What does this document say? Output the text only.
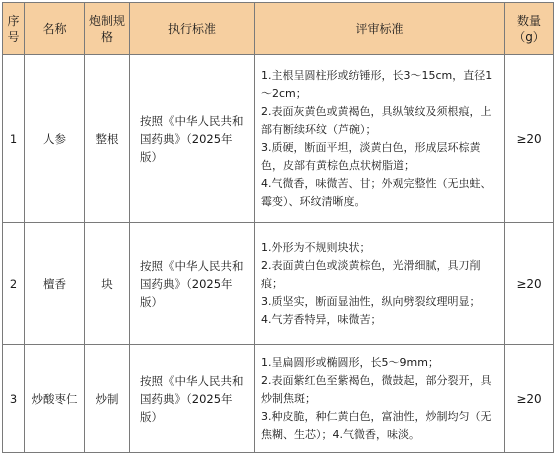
序号	名称	炮制规格	执行标准	评审标准	数量（g）
1	人参	整根	按照《中华人民共和国药典》（2025年版）	1.主根呈圆柱形或纺锤形，长3～15cm，直径1～2cm；
2.表面灰黄色或黄褐色，具纵皱纹及须根痕，上部有断续环纹（芦碗）；
3.质硬，断面平坦，淡黄白色，形成层环棕黄色，皮部有黄棕色点状树脂道；
4.气微香，味微苦、甘；外观完整性（无虫蛀、霉变）、环纹清晰度。	≥20
2	檀香	块	按照《中华人民共和国药典》（2025年版）	1.外形为不规则块状；
2.表面黄白色或淡黄棕色，光滑细腻，具刀削痕；
3.质坚实，断面显油性，纵向劈裂纹理明显；
4.气芳香特异，味微苦；	≥20
3	炒酸枣仁	炒制	按照《中华人民共和国药典》（2025年版）	1.呈扁圆形或椭圆形，长5～9mm；
2.表面紫红色至紫褐色，微鼓起，部分裂开，具炒制焦斑；
3.种皮脆，种仁黄白色，富油性，炒制均匀（无焦糊、生芯）；4.气微香，味淡。	≥20
